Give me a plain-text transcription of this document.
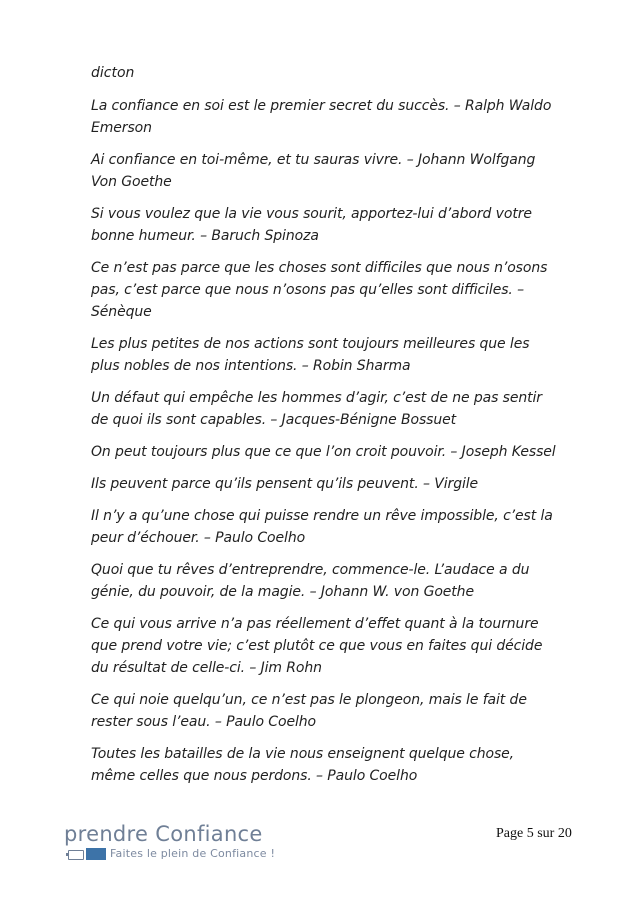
dicton

La confiance en soi est le premier secret du succès. – Ralph Waldo Emerson

Ai confiance en toi-même, et tu sauras vivre. – Johann Wolfgang Von Goethe

Si vous voulez que la vie vous sourit, apportez-lui d’abord votre bonne humeur. – Baruch Spinoza

Ce n’est pas parce que les choses sont difficiles que nous n’osons pas, c’est parce que nous n’osons pas qu’elles sont difficiles. – Sénèque

Les plus petites de nos actions sont toujours meilleures que les plus nobles de nos intentions. – Robin Sharma

Un défaut qui empêche les hommes d’agir, c’est de ne pas sentir de quoi ils sont capables. – Jacques-Bénigne Bossuet

On peut toujours plus que ce que l’on croit pouvoir. – Joseph Kessel

Ils peuvent parce qu’ils pensent qu’ils peuvent. – Virgile

Il n’y a qu’une chose qui puisse rendre un rêve impossible, c’est la peur d’échouer. – Paulo Coelho

Quoi que tu rêves d’entreprendre, commence-le. L’audace a du génie, du pouvoir, de la magie. – Johann W. von Goethe

Ce qui vous arrive n’a pas réellement d’effet quant à la tournure que prend votre vie; c’est plutôt ce que vous en faites qui décide du résultat de celle-ci. – Jim Rohn

Ce qui noie quelqu’un, ce n’est pas le plongeon, mais le fait de rester sous l’eau. – Paulo Coelho

Toutes les batailles de la vie nous enseignent quelque chose, même celles que nous perdons. – Paulo Coelho

prendre Confiance
Faites le plein de Confiance !
Page 5 sur 20
